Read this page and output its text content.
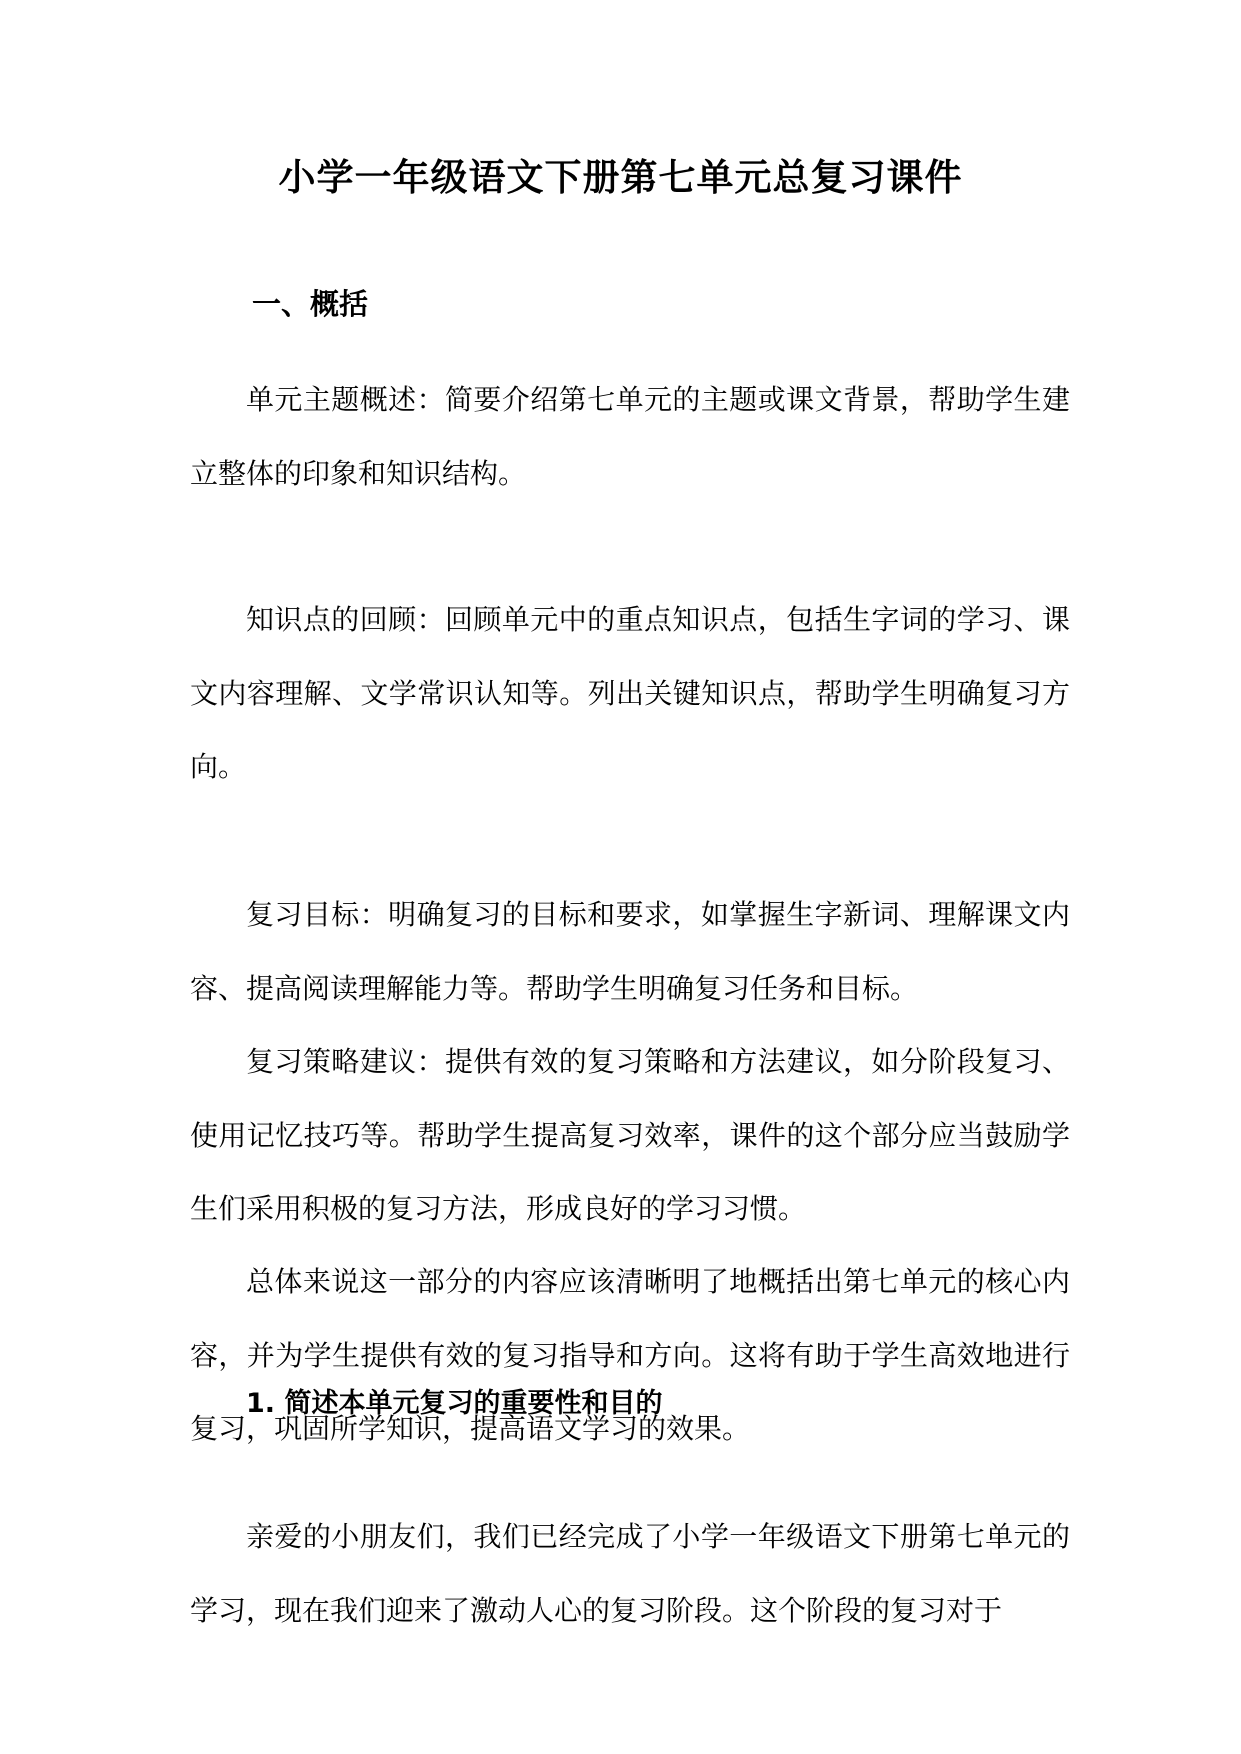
小学一年级语文下册第七单元总复习课件
一、概括

单元主题概述：简要介绍第七单元的主题或课文背景，帮助学生建立整体的印象和知识结构。

知识点的回顾：回顾单元中的重点知识点，包括生字词的学习、课文内容理解、文学常识认知等。列出关键知识点，帮助学生明确复习方向。

复习目标：明确复习的目标和要求，如掌握生字新词、理解课文内容、提高阅读理解能力等。帮助学生明确复习任务和目标。

复习策略建议：提供有效的复习策略和方法建议，如分阶段复习、使用记忆技巧等。帮助学生提高复习效率，课件的这个部分应当鼓励学生们采用积极的复习方法，形成良好的学习习惯。

总体来说这一部分的内容应该清晰明了地概括出第七单元的核心内容，并为学生提供有效的复习指导和方向。这将有助于学生高效地进行复习，巩固所学知识，提高语文学习的效果。

1. 简述本单元复习的重要性和目的

亲爱的小朋友们，我们已经完成了小学一年级语文下册第七单元的学习，现在我们迎来了激动人心的复习阶段。这个阶段的复习对于
